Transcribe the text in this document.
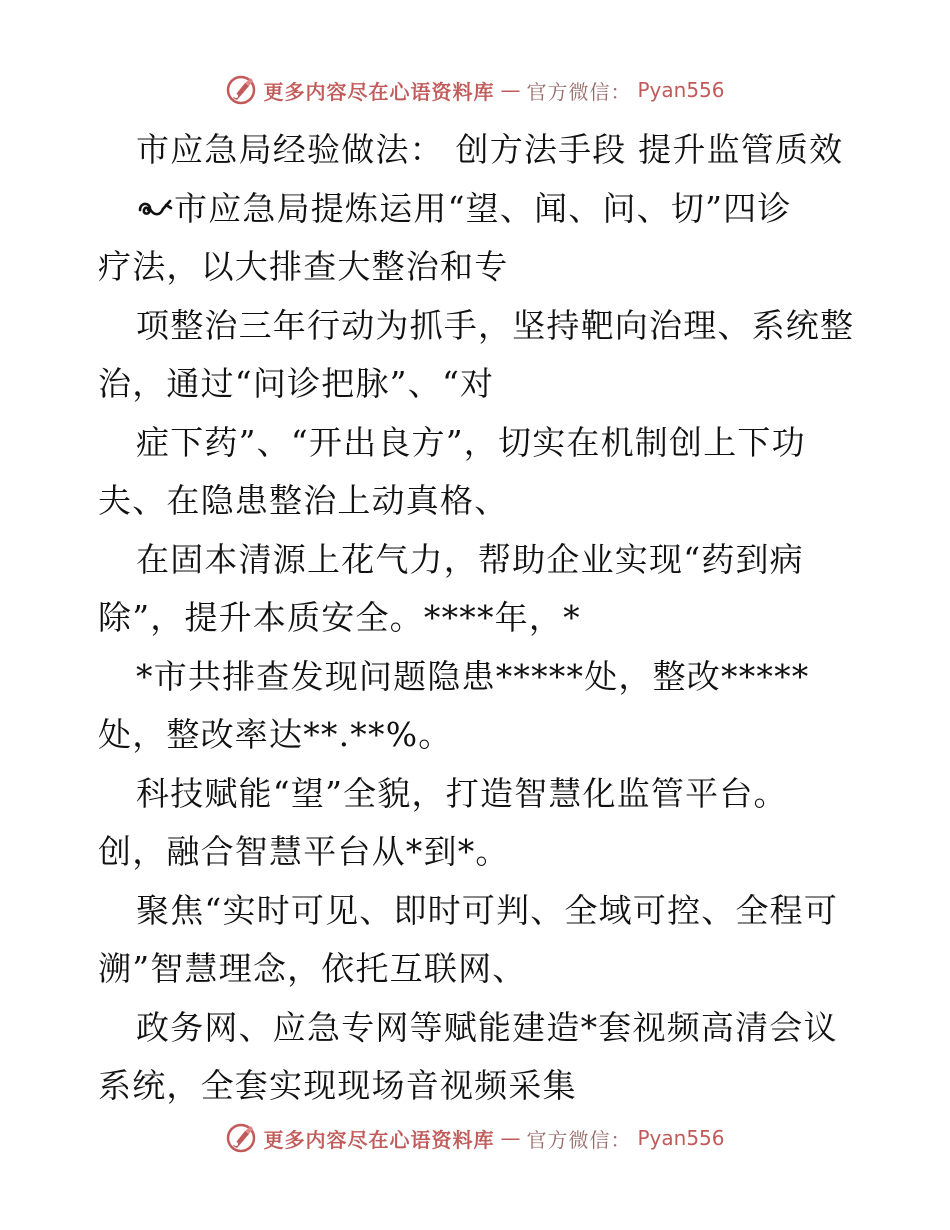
更多内容尽在心语资料库 — 官方微信： Pyan556
市应急局经验做法： 创方法手段 提升监管质效
市应急局提炼运用“望、闻、问、切”四诊
疗法，以大排查大整治和专
项整治三年行动为抓手，坚持靶向治理、系统整
治，通过“问诊把脉”、“对
症下药”、“开出良方”，切实在机制创上下功
夫、在隐患整治上动真格、
在固本清源上花气力，帮助企业实现“药到病
除”，提升本质安全。****年，*
*市共排查发现问题隐患*****处，整改*****
处，整改率达**.**%。
科技赋能“望”全貌，打造智慧化监管平台。
创，融合智慧平台从*到*。
聚焦“实时可见、即时可判、全域可控、全程可
溯”智慧理念，依托互联网、
政务网、应急专网等赋能建造*套视频高清会议
系统，全套实现现场音视频采集
更多内容尽在心语资料库 — 官方微信： Pyan556
